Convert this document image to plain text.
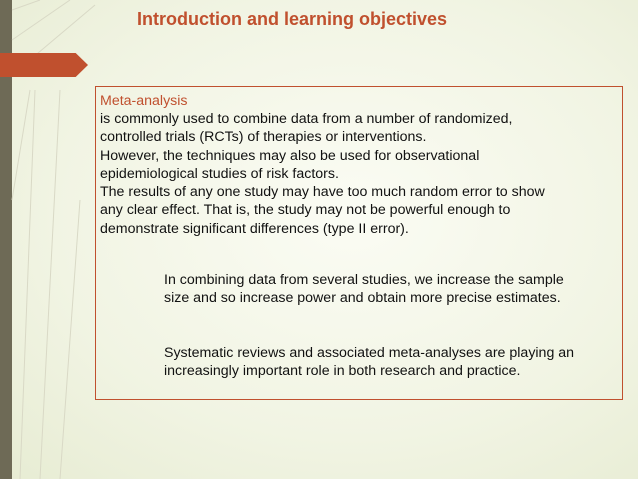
Introduction and learning objectives

Meta-analysis

is commonly used to combine data from a number of randomized,
controlled trials (RCTs) of therapies or interventions.
However, the techniques may also be used for observational
epidemiological studies of risk factors.
The results of any one study may have too much random error to show
any clear effect. That is, the study may not be powerful enough to
demonstrate significant differences (type II error).

In combining data from several studies, we increase the sample
size and so increase power and obtain more precise estimates.

Systematic reviews and associated meta-analyses are playing an
increasingly important role in both research and practice.
